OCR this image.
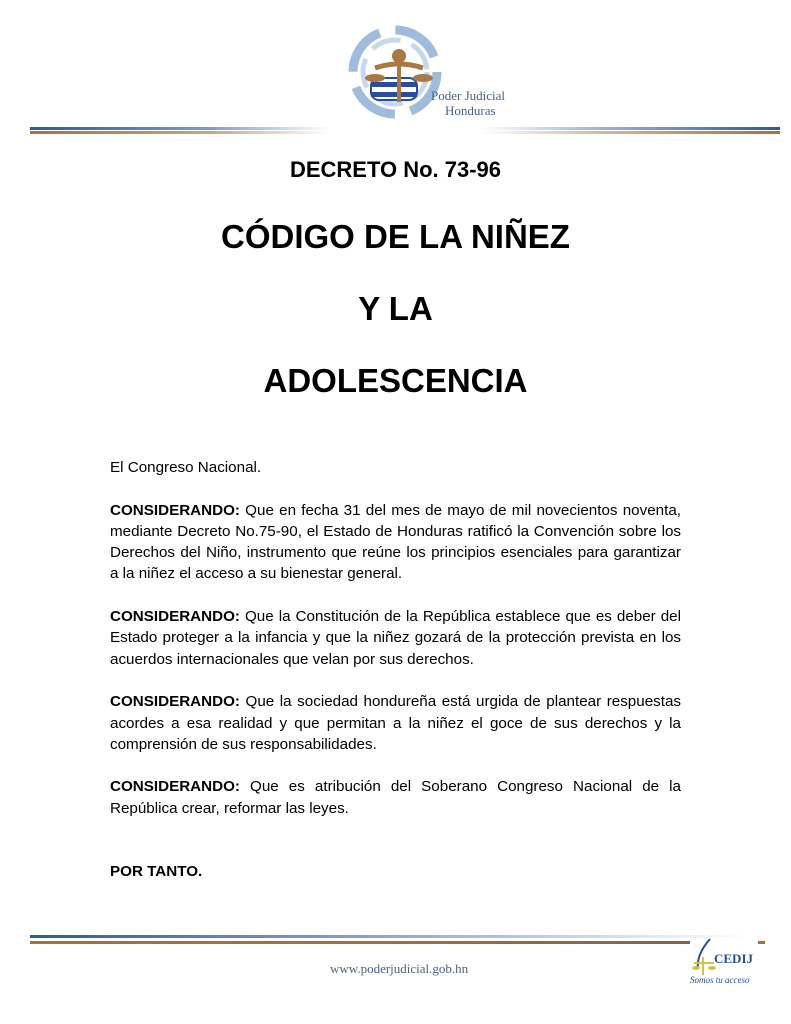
Poder Judicial
Honduras
DECRETO No. 73-96
CÓDIGO DE LA NIÑEZ
Y LA
ADOLESCENCIA

El Congreso Nacional.

CONSIDERANDO: Que en fecha 31 del mes de mayo de mil novecientos noventa, mediante Decreto No.75-90, el Estado de Honduras ratificó la Convención sobre los Derechos del Niño, instrumento que reúne los principios esenciales para garantizar a la niñez el acceso a su bienestar general.

CONSIDERANDO: Que la Constitución de la República establece que es deber del Estado proteger a la infancia y que la niñez gozará de la protección prevista en los acuerdos internacionales que velan por sus derechos.

CONSIDERANDO: Que la sociedad hondureña está urgida de plantear respuestas acordes a esa realidad y que permitan a la niñez el goce de sus derechos y la comprensión de sus responsabilidades.

CONSIDERANDO: Que es atribución del Soberano Congreso Nacional de la República crear, reformar las leyes.

POR TANTO.

www.poderjudicial.gob.hn
CEDIJ
Somos tu acceso
